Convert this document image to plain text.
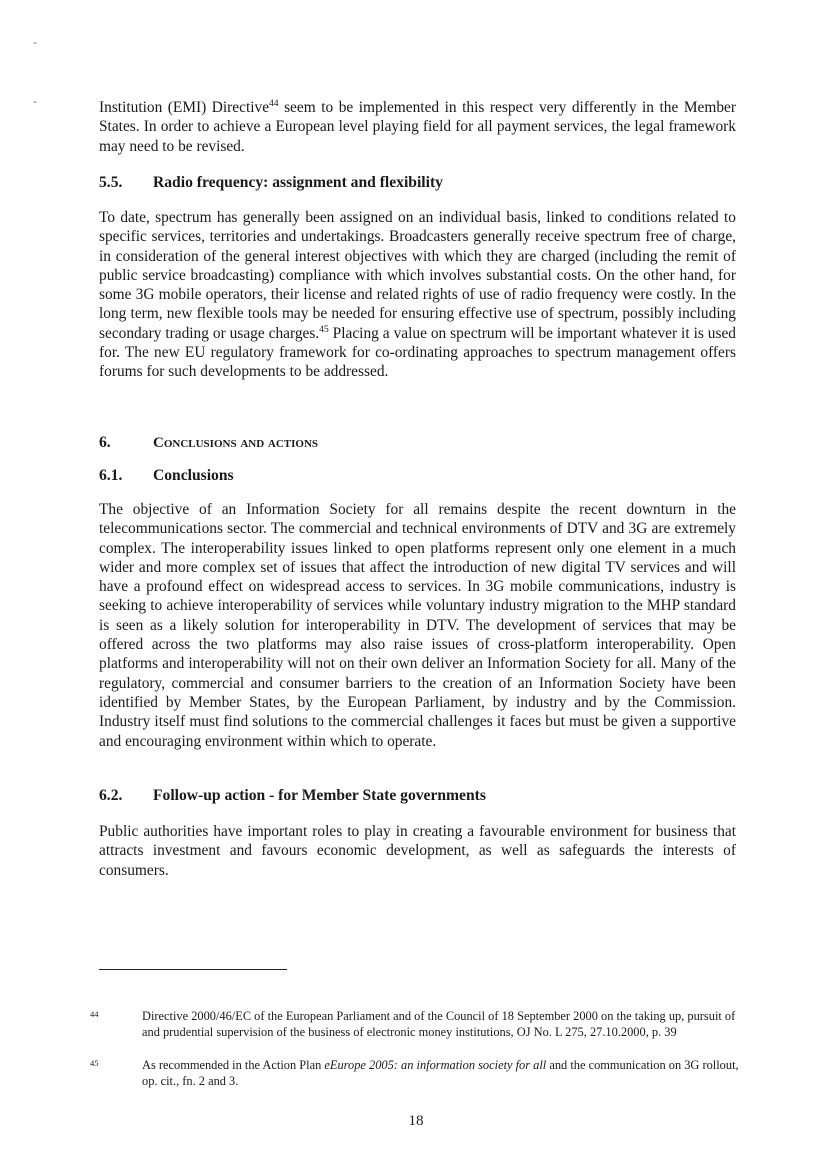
-
-	Institution (EMI) Directive$^{44}$ seem to be implemented in this respect very differently in the Member States. In order to achieve a European level playing field for all payment services, the legal framework may need to be revised.

5.5. Radio frequency: assignment and flexibility

To date, spectrum has generally been assigned on an individual basis, linked to conditions related to specific services, territories and undertakings. Broadcasters generally receive spectrum free of charge, in consideration of the general interest objectives with which they are charged (including the remit of public service broadcasting) compliance with which involves substantial costs. On the other hand, for some 3G mobile operators, their license and related rights of use of radio frequency were costly. In the long term, new flexible tools may be needed for ensuring effective use of spectrum, possibly including secondary trading or usage charges.$^{45}$ Placing a value on spectrum will be important whatever it is used for. The new EU regulatory framework for co-ordinating approaches to spectrum management offers forums for such developments to be addressed.

6.	Conclusions and actions
6.1. Conclusions

The objective of an Information Society for all remains despite the recent downturn in the telecommunications sector. The commercial and technical environments of DTV and 3G are extremely complex. The interoperability issues linked to open platforms represent only one element in a much wider and more complex set of issues that affect the introduction of new digital TV services and will have a profound effect on widespread access to services. In 3G mobile communications, industry is seeking to achieve interoperability of services while voluntary industry migration to the MHP standard is seen as a likely solution for interoperability in DTV. The development of services that may be offered across the two platforms may also raise issues of cross-platform interoperability. Open platforms and interoperability will not on their own deliver an Information Society for all. Many of the regulatory, commercial and consumer barriers to the creation of an Information Society have been identified by Member States, by the European Parliament, by industry and by the Commission. Industry itself must find solutions to the commercial challenges it faces but must be given a supportive and encouraging environment within which to operate.

6.2. Follow-up action - for Member State governments

Public authorities have important roles to play in creating a favourable environment for business that attracts investment and favours economic development, as well as safeguards the interests of consumers.

44	Directive 2000/46/EC of the European Parliament and of the Council of 18 September 2000 on the taking up, pursuit of and prudential supervision of the business of electronic money institutions, OJ No. L 275, 27.10.2000, p. 39
45	As recommended in the Action Plan eEurope 2005: an information society for all and the communication on 3G rollout, op. cit., fn. 2 and 3.
18
